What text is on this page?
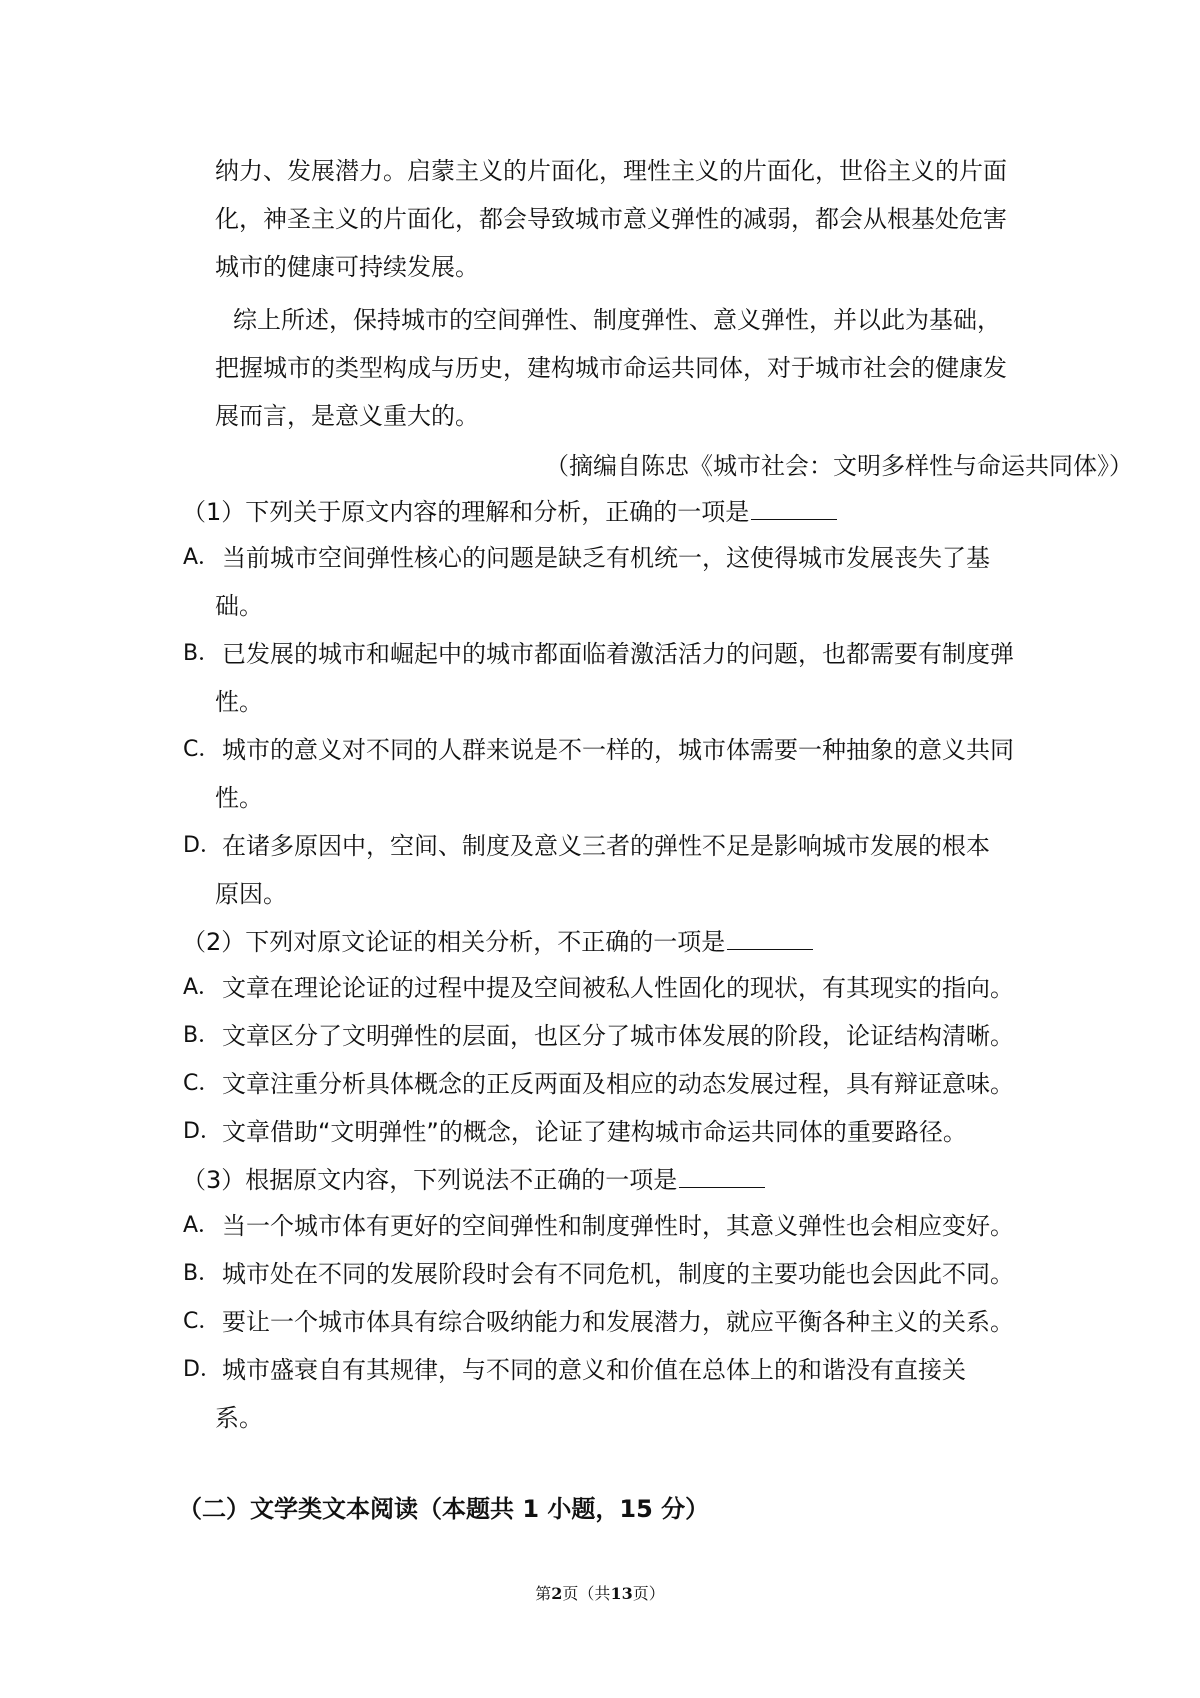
纳力、发展潜力。启蒙主义的片面化，理性主义的片面化，世俗主义的片面
化，神圣主义的片面化，都会导致城市意义弹性的减弱，都会从根基处危害
城市的健康可持续发展。
综上所述，保持城市的空间弹性、制度弹性、意义弹性，并以此为基础，
把握城市的类型构成与历史，建构城市命运共同体，对于城市社会的健康发
展而言，是意义重大的。
（摘编自陈忠《城市社会：文明多样性与命运共同体》）
（1）下列关于原文内容的理解和分析，正确的一项是
A． 当前城市空间弹性核心的问题是缺乏有机统一，这使得城市发展丧失了基
础。
B． 已发展的城市和崛起中的城市都面临着激活活力的问题，也都需要有制度弹
性。
C． 城市的意义对不同的人群来说是不一样的，城市体需要一种抽象的意义共同
性。
D． 在诸多原因中，空间、制度及意义三者的弹性不足是影响城市发展的根本
原因。
（2）下列对原文论证的相关分析，不正确的一项是
A． 文章在理论论证的过程中提及空间被私人性固化的现状，有其现实的指向。
B． 文章区分了文明弹性的层面，也区分了城市体发展的阶段，论证结构清晰。
C． 文章注重分析具体概念的正反两面及相应的动态发展过程，具有辩证意味。
D． 文章借助“文明弹性”的概念，论证了建构城市命运共同体的重要路径。
（3）根据原文内容，下列说法不正确的一项是
A． 当一个城市体有更好的空间弹性和制度弹性时，其意义弹性也会相应变好。
B． 城市处在不同的发展阶段时会有不同危机，制度的主要功能也会因此不同。
C． 要让一个城市体具有综合吸纳能力和发展潜力，就应平衡各种主义的关系。
D． 城市盛衰自有其规律，与不同的意义和价值在总体上的和谐没有直接关
系。
（二）文学类文本阅读（本题共 1 小题，15 分）
第2页（共13页）
